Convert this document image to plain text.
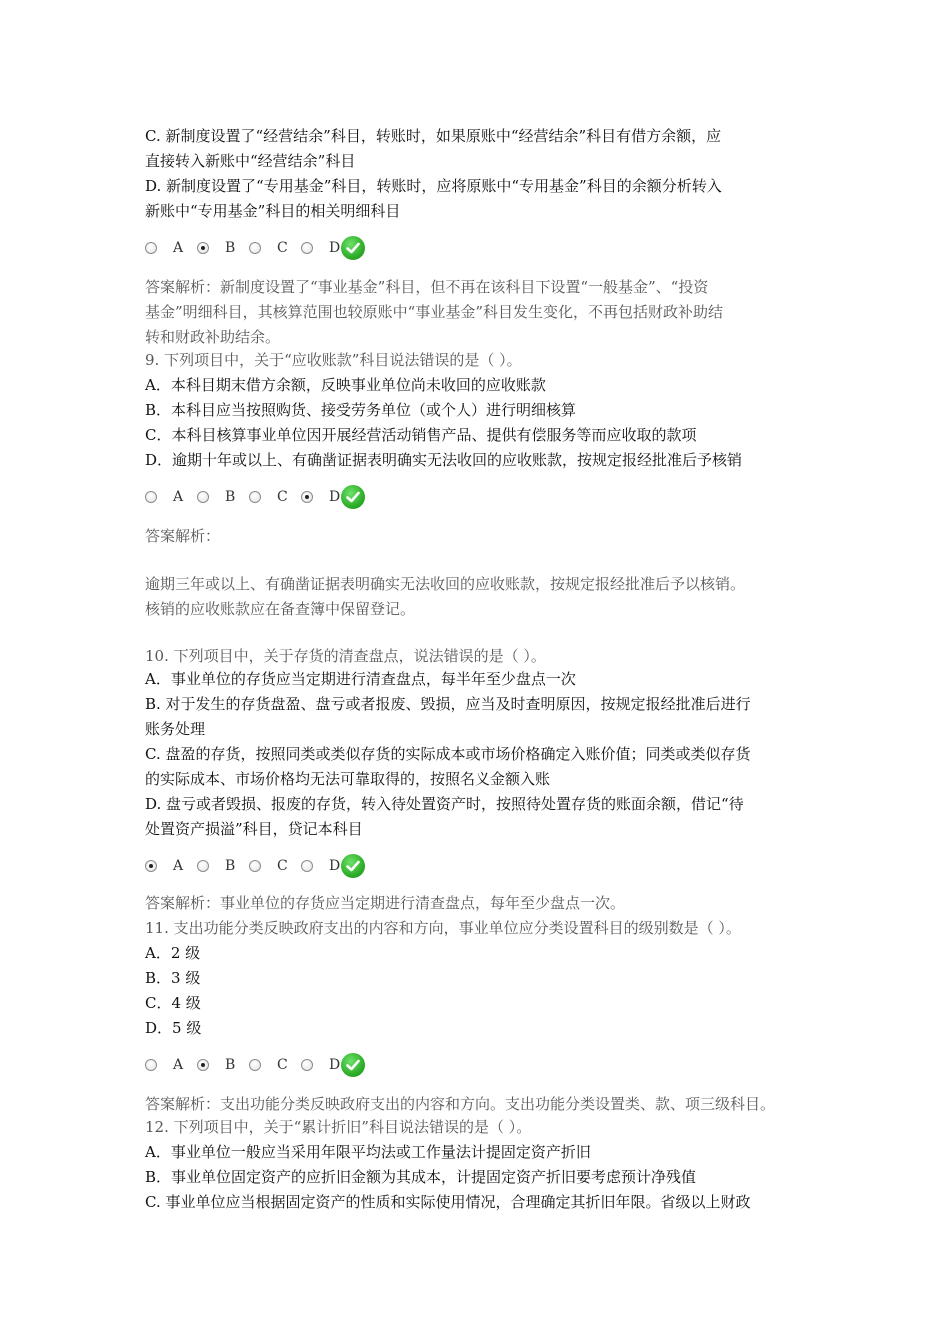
C. 新制度设置了“经营结余”科目，转账时，如果原账中“经营结余”科目有借方余额，应
直接转入新账中“经营结余”科目
D. 新制度设置了“专用基金”科目，转账时，应将原账中“专用基金”科目的余额分析转入
新账中“专用基金”科目的相关明细科目
A	B	C	D
答案解析：新制度设置了“事业基金”科目，但不再在该科目下设置“一般基金”、“投资
基金”明细科目，其核算范围也较原账中“事业基金”科目发生变化，不再包括财政补助结
转和财政补助结余。
9. 下列项目中，关于“应收账款”科目说法错误的是（ ）。
A．本科目期末借方余额，反映事业单位尚未收回的应收账款
B．本科目应当按照购货、接受劳务单位（或个人）进行明细核算
C．本科目核算事业单位因开展经营活动销售产品、提供有偿服务等而应收取的款项
D．逾期十年或以上、有确凿证据表明确实无法收回的应收账款，按规定报经批准后予核销
A	B	C	D
答案解析：
逾期三年或以上、有确凿证据表明确实无法收回的应收账款，按规定报经批准后予以核销。
核销的应收账款应在备查簿中保留登记。
10. 下列项目中，关于存货的清查盘点，说法错误的是（ ）。
A．事业单位的存货应当定期进行清查盘点，每半年至少盘点一次
B. 对于发生的存货盘盈、盘亏或者报废、毁损，应当及时查明原因，按规定报经批准后进行
账务处理
C. 盘盈的存货，按照同类或类似存货的实际成本或市场价格确定入账价值；同类或类似存货
的实际成本、市场价格均无法可靠取得的，按照名义金额入账
D. 盘亏或者毁损、报废的存货，转入待处置资产时，按照待处置存货的账面余额，借记“待
处置资产损溢”科目，贷记本科目
A	B	C	D
答案解析：事业单位的存货应当定期进行清查盘点，每年至少盘点一次。
11. 支出功能分类反映政府支出的内容和方向，事业单位应分类设置科目的级别数是（ ）。
A．2 级
B．3 级
C．4 级
D．5 级
A	B	C	D
答案解析：支出功能分类反映政府支出的内容和方向。支出功能分类设置类、款、项三级科目。
12. 下列项目中，关于“累计折旧”科目说法错误的是（ ）。
A．事业单位一般应当采用年限平均法或工作量法计提固定资产折旧
B．事业单位固定资产的应折旧金额为其成本，计提固定资产折旧要考虑预计净残值
C. 事业单位应当根据固定资产的性质和实际使用情况，合理确定其折旧年限。省级以上财政
